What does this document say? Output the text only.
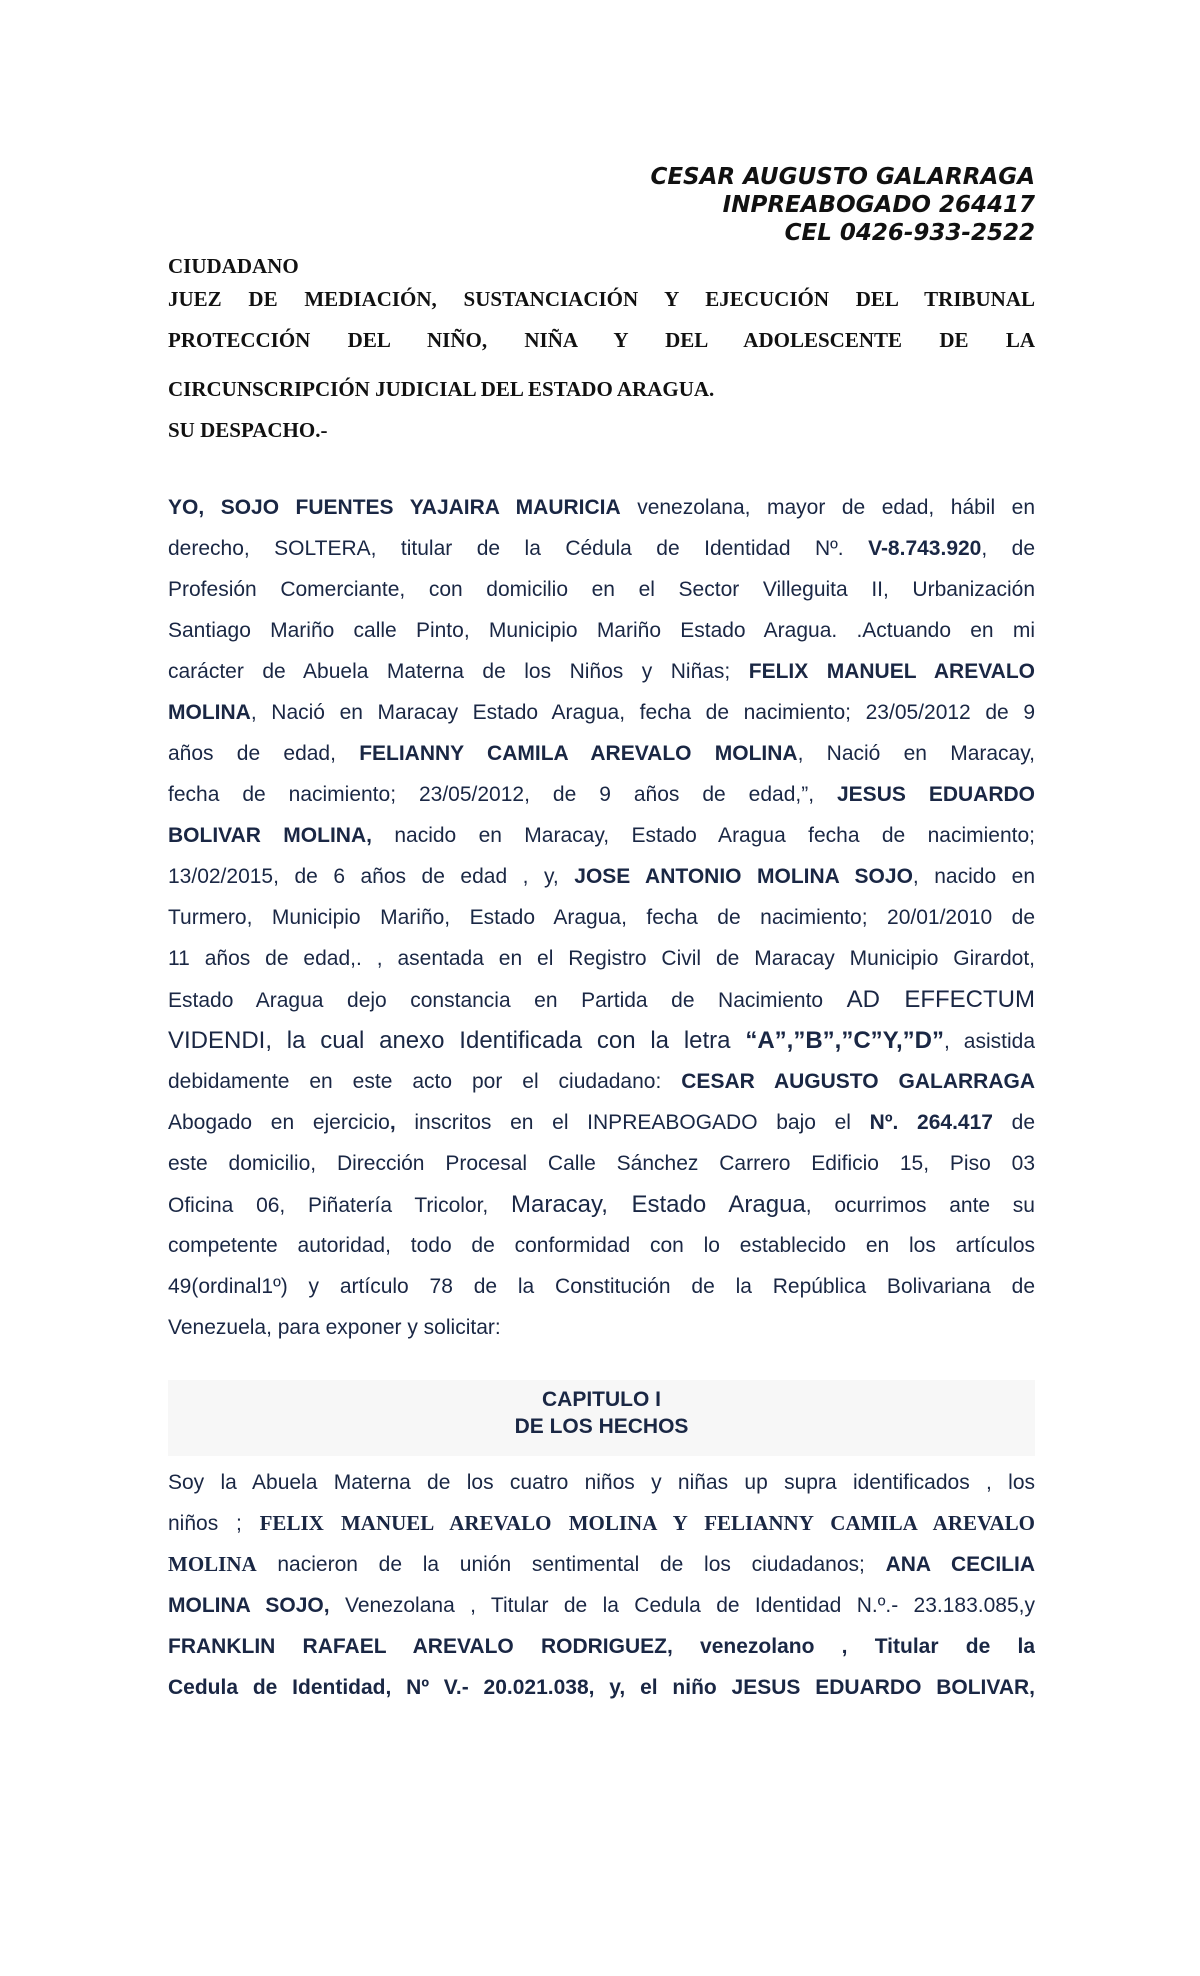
CESAR AUGUSTO GALARRAGA
INPREABOGADO 264417
CEL 0426-933-2522
CIUDADANO
JUEZ DE MEDIACIÓN, SUSTANCIACIÓN Y EJECUCIÓN DEL TRIBUNAL
PROTECCIÓN DEL NIÑO, NIÑA Y DEL ADOLESCENTE DE LA
CIRCUNSCRIPCIÓN JUDICIAL DEL ESTADO ARAGUA.
SU DESPACHO.-
YO, SOJO FUENTES YAJAIRA MAURICIA venezolana, mayor de edad, hábil en
derecho, SOLTERA, titular de la Cédula de Identidad Nº. V-8.743.920, de
Profesión Comerciante, con domicilio en el Sector Villeguita II, Urbanización
Santiago Mariño calle Pinto, Municipio Mariño Estado Aragua. .Actuando en mi
carácter de Abuela Materna de los Niños y Niñas; FELIX MANUEL AREVALO
MOLINA, Nació en Maracay Estado Aragua, fecha de nacimiento; 23/05/2012 de 9
años de edad, FELIANNY CAMILA AREVALO MOLINA, Nació en Maracay,
fecha de nacimiento; 23/05/2012, de 9 años de edad,”, JESUS EDUARDO
BOLIVAR MOLINA, nacido en Maracay, Estado Aragua fecha de nacimiento;
13/02/2015, de 6 años de edad , y, JOSE ANTONIO MOLINA SOJO, nacido en
Turmero, Municipio Mariño, Estado Aragua, fecha de nacimiento; 20/01/2010 de
11 años de edad,. , asentada en el Registro Civil de Maracay Municipio Girardot,
Estado Aragua dejo constancia en Partida de Nacimiento AD EFFECTUM
VIDENDI, la cual anexo Identificada con la letra “A”,”B”,”C”Y,”D”, asistida
debidamente en este acto por el ciudadano: CESAR AUGUSTO GALARRAGA
Abogado en ejercicio, inscritos en el INPREABOGADO bajo el Nº. 264.417 de
este domicilio, Dirección Procesal Calle Sánchez Carrero Edificio 15, Piso 03
Oficina 06, Piñatería Tricolor, Maracay, Estado Aragua, ocurrimos ante su
competente autoridad, todo de conformidad con lo establecido en los artículos
49(ordinal1º) y artículo 78 de la Constitución de la República Bolivariana de
Venezuela, para exponer y solicitar:
CAPITULO I
DE LOS HECHOS
Soy la Abuela Materna de los cuatro niños y niñas up supra identificados , los
niños ; FELIX MANUEL AREVALO MOLINA Y FELIANNY CAMILA AREVALO
MOLINA nacieron de la unión sentimental de los ciudadanos; ANA CECILIA
MOLINA SOJO, Venezolana , Titular de la Cedula de Identidad N.º.- 23.183.085,y
FRANKLIN RAFAEL AREVALO RODRIGUEZ, venezolano , Titular de la
Cedula de Identidad, Nº V.- 20.021.038, y, el niño JESUS EDUARDO BOLIVAR,
